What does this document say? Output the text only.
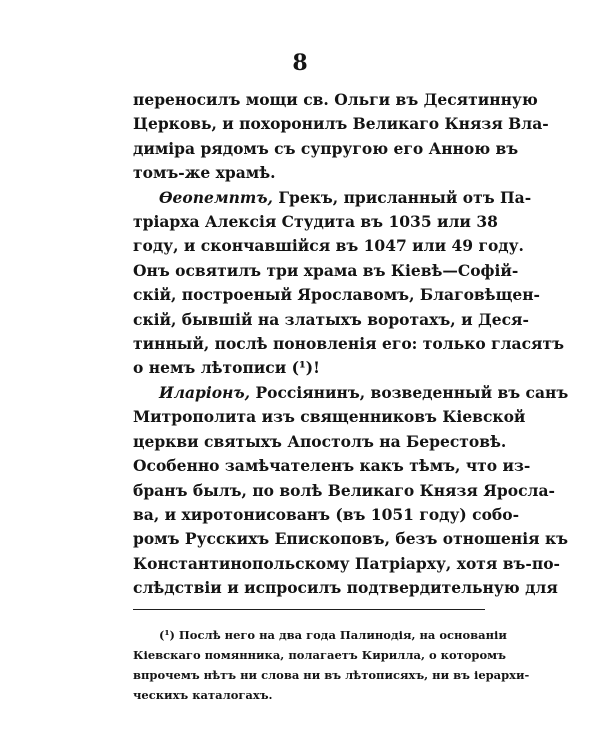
8
переносилъ мощи св. Ольги въ Десятинную
Церковь, и похоронилъ Великаго Князя Вла-
диміра рядомъ съ супругою его Анною въ
томъ-же храмѣ.
Ѳеопемптъ, Грекъ, присланный отъ Па-
тріарха Алексія Студита въ 1035 или 38
году, и скончавшійся въ 1047 или 49 году.
Онъ освятилъ три храма въ Кіевѣ—Софій-
скій, построеный Ярославомъ, Благовѣщен-
скій, бывшій на златыхъ воротахъ, и Деся-
тинный, послѣ поновленія его: только гласятъ
о немъ лѣтописи (¹)!
Иларіонъ, Россіянинъ, возведенный въ санъ
Митрополита изъ священниковъ Кіевской
церкви святыхъ Апостолъ на Берестовѣ.
Особенно замѣчателенъ какъ тѣмъ, что из-
бранъ былъ, по волѣ Великаго Князя Яросла-
ва, и хиротонисованъ (въ 1051 году) собо-
ромъ Русскихъ Епископовъ, безъ отношенія къ
Константинопольскому Патріарху, хотя въ-по-
слѣдствіи и испросилъ подтвердительную для
(¹) Послѣ него на два года Палинодія, на основаніи
Кіевскаго помянника, полагаетъ Кирилла, о которомъ
впрочемъ нѣтъ ни слова ни въ лѣтописяхъ, ни въ іерархи-
ческихъ каталогахъ.
